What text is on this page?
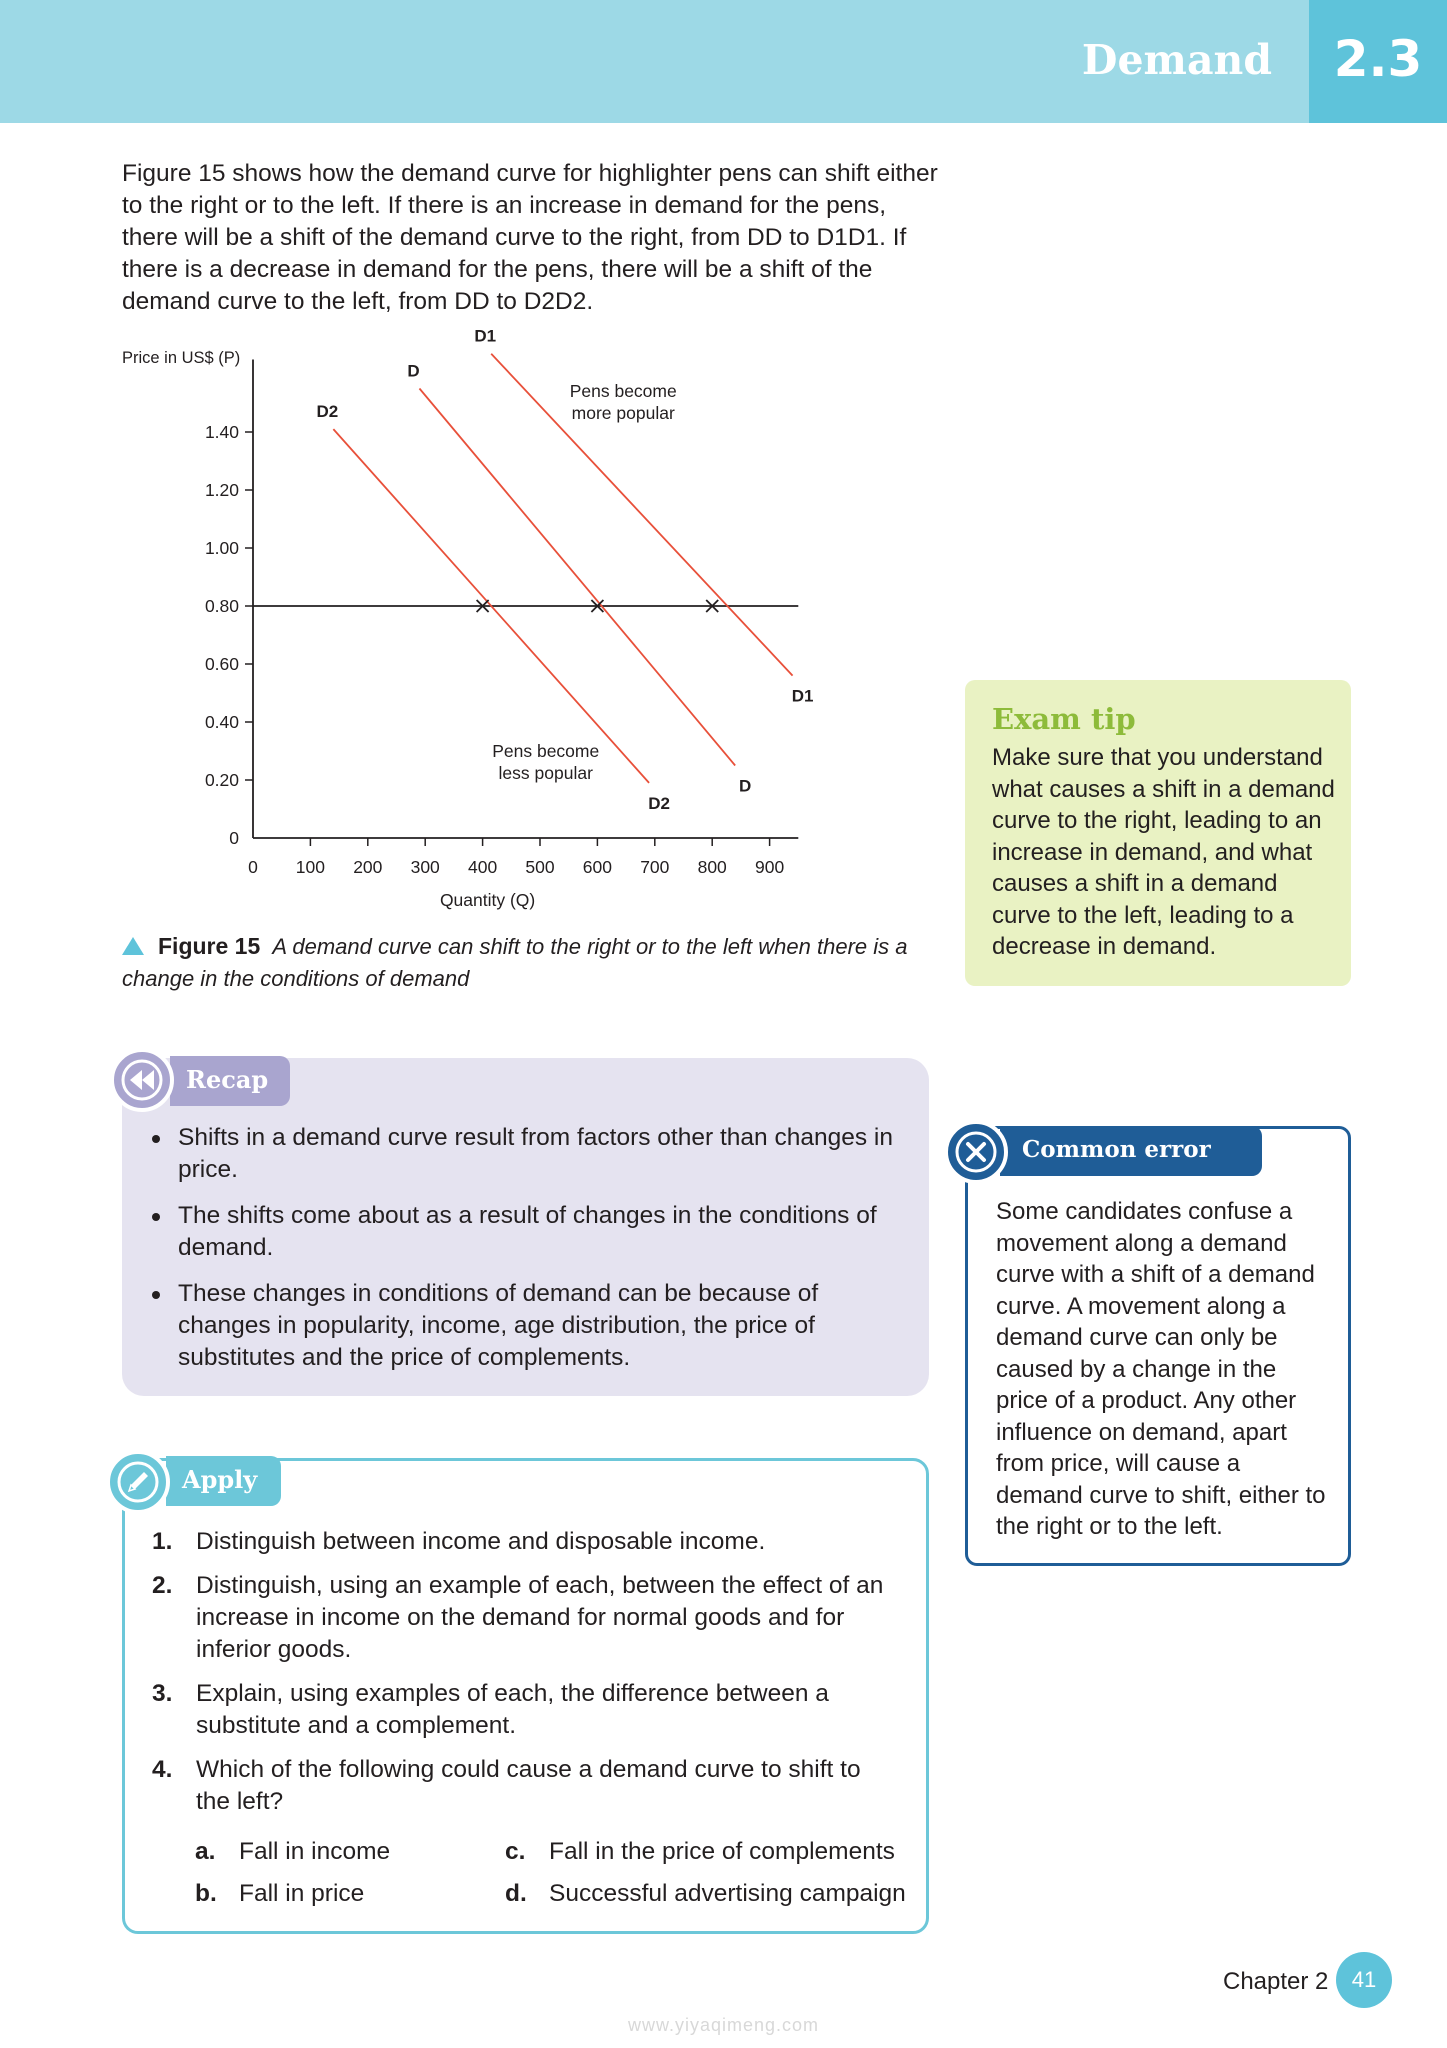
Demand	2.3
Figure 15 shows how the demand curve for highlighter pens can shift either to the right or to the left. If there is an increase in demand for the pens, there will be a shift of the demand curve to the right, from DD to D1D1. If there is a decrease in demand for the pens, there will be a shift of the demand curve to the left, from DD to D2D2.
Price in US$ (P)
Quantity (Q)
0 100 200 300 400 500 600 700 800 900
0
0.20
0.40
0.60
0.80
1.00
1.20
1.40
D2
D2
D
D
D1
D1
Pens become
more popular
Pens become
less popular
Figure 15 A demand curve can shift to the right or to the left when there is a change in the conditions of demand
Exam tip
Make sure that you understand what causes a shift in a demand curve to the right, leading to an increase in demand, and what causes a shift in a demand curve to the left, leading to a decrease in demand.
Recap
Shifts in a demand curve result from factors other than changes in price.
The shifts come about as a result of changes in the conditions of demand.
These changes in conditions of demand can be because of changes in popularity, income, age distribution, the price of substitutes and the price of complements.
Apply
1. Distinguish between income and disposable income.
2. Distinguish, using an example of each, between the effect of an increase in income on the demand for normal goods and for inferior goods.
3. Explain, using examples of each, the difference between a substitute and a complement.
4. Which of the following could cause a demand curve to shift to the left?
a. Fall in income
b. Fall in price
c. Fall in the price of complements
d. Successful advertising campaign
Common error
Some candidates confuse a movement along a demand curve with a shift of a demand curve. A movement along a demand curve can only be caused by a change in the price of a product. Any other influence on demand, apart from price, will cause a demand curve to shift, either to the right or to the left.
Chapter 2	41
www.yiyaqimeng.com
